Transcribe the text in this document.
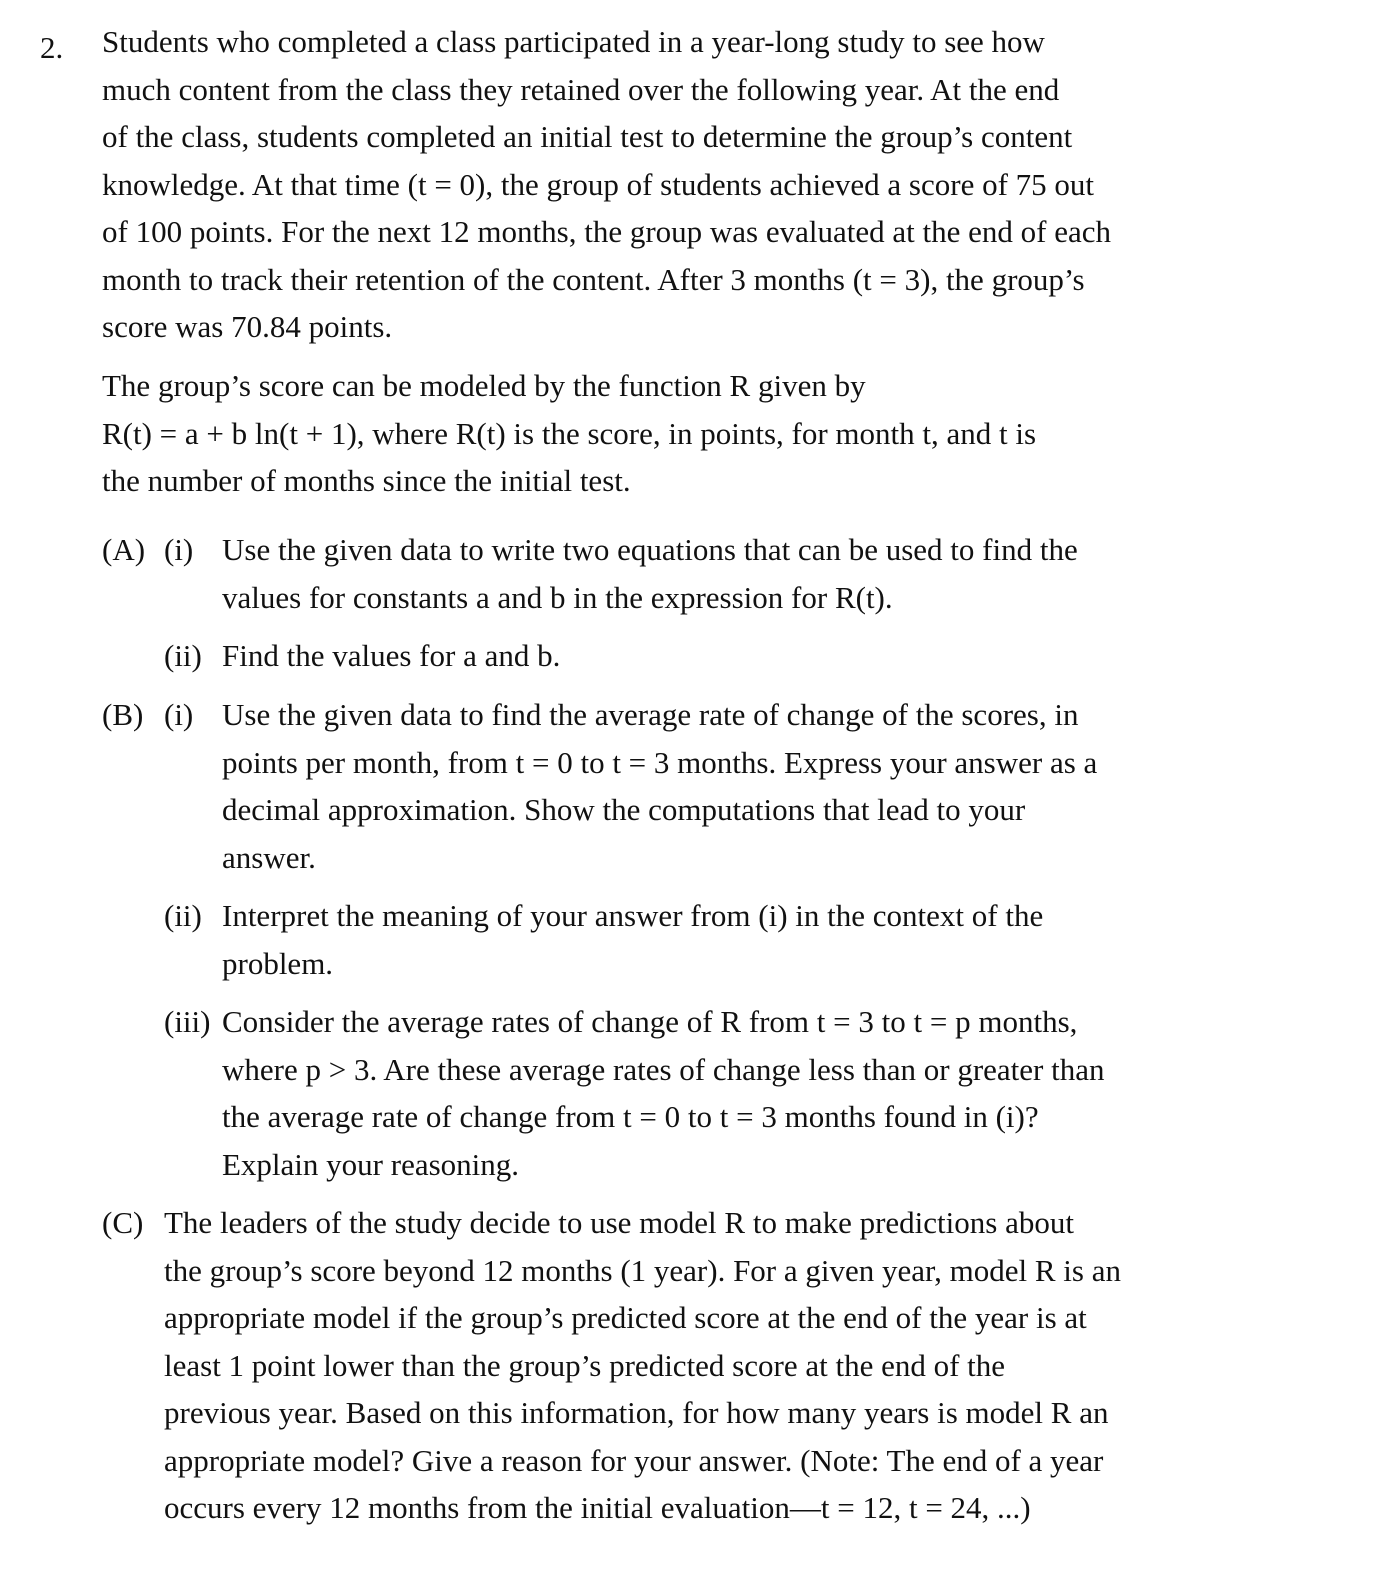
2. Students who completed a class participated in a year-long study to see how
much content from the class they retained over the following year. At the end
of the class, students completed an initial test to determine the group’s content
knowledge. At that time (t = 0), the group of students achieved a score of 75 out
of 100 points. For the next 12 months, the group was evaluated at the end of each
month to track their retention of the content. After 3 months (t = 3), the group’s
score was 70.84 points.
The group’s score can be modeled by the function R given by
R(t) = a + b ln(t + 1), where R(t) is the score, in points, for month t, and t is
the number of months since the initial test.
(A) (i) Use the given data to write two equations that can be used to find the
values for constants a and b in the expression for R(t).
(ii) Find the values for a and b.
(B) (i) Use the given data to find the average rate of change of the scores, in
points per month, from t = 0 to t = 3 months. Express your answer as a
decimal approximation. Show the computations that lead to your
answer.
(ii) Interpret the meaning of your answer from (i) in the context of the
problem.
(iii) Consider the average rates of change of R from t = 3 to t = p months,
where p > 3. Are these average rates of change less than or greater than
the average rate of change from t = 0 to t = 3 months found in (i)?
Explain your reasoning.
(C) The leaders of the study decide to use model R to make predictions about
the group’s score beyond 12 months (1 year). For a given year, model R is an
appropriate model if the group’s predicted score at the end of the year is at
least 1 point lower than the group’s predicted score at the end of the
previous year. Based on this information, for how many years is model R an
appropriate model? Give a reason for your answer. (Note: The end of a year
occurs every 12 months from the initial evaluation—t = 12, t = 24, ...)
